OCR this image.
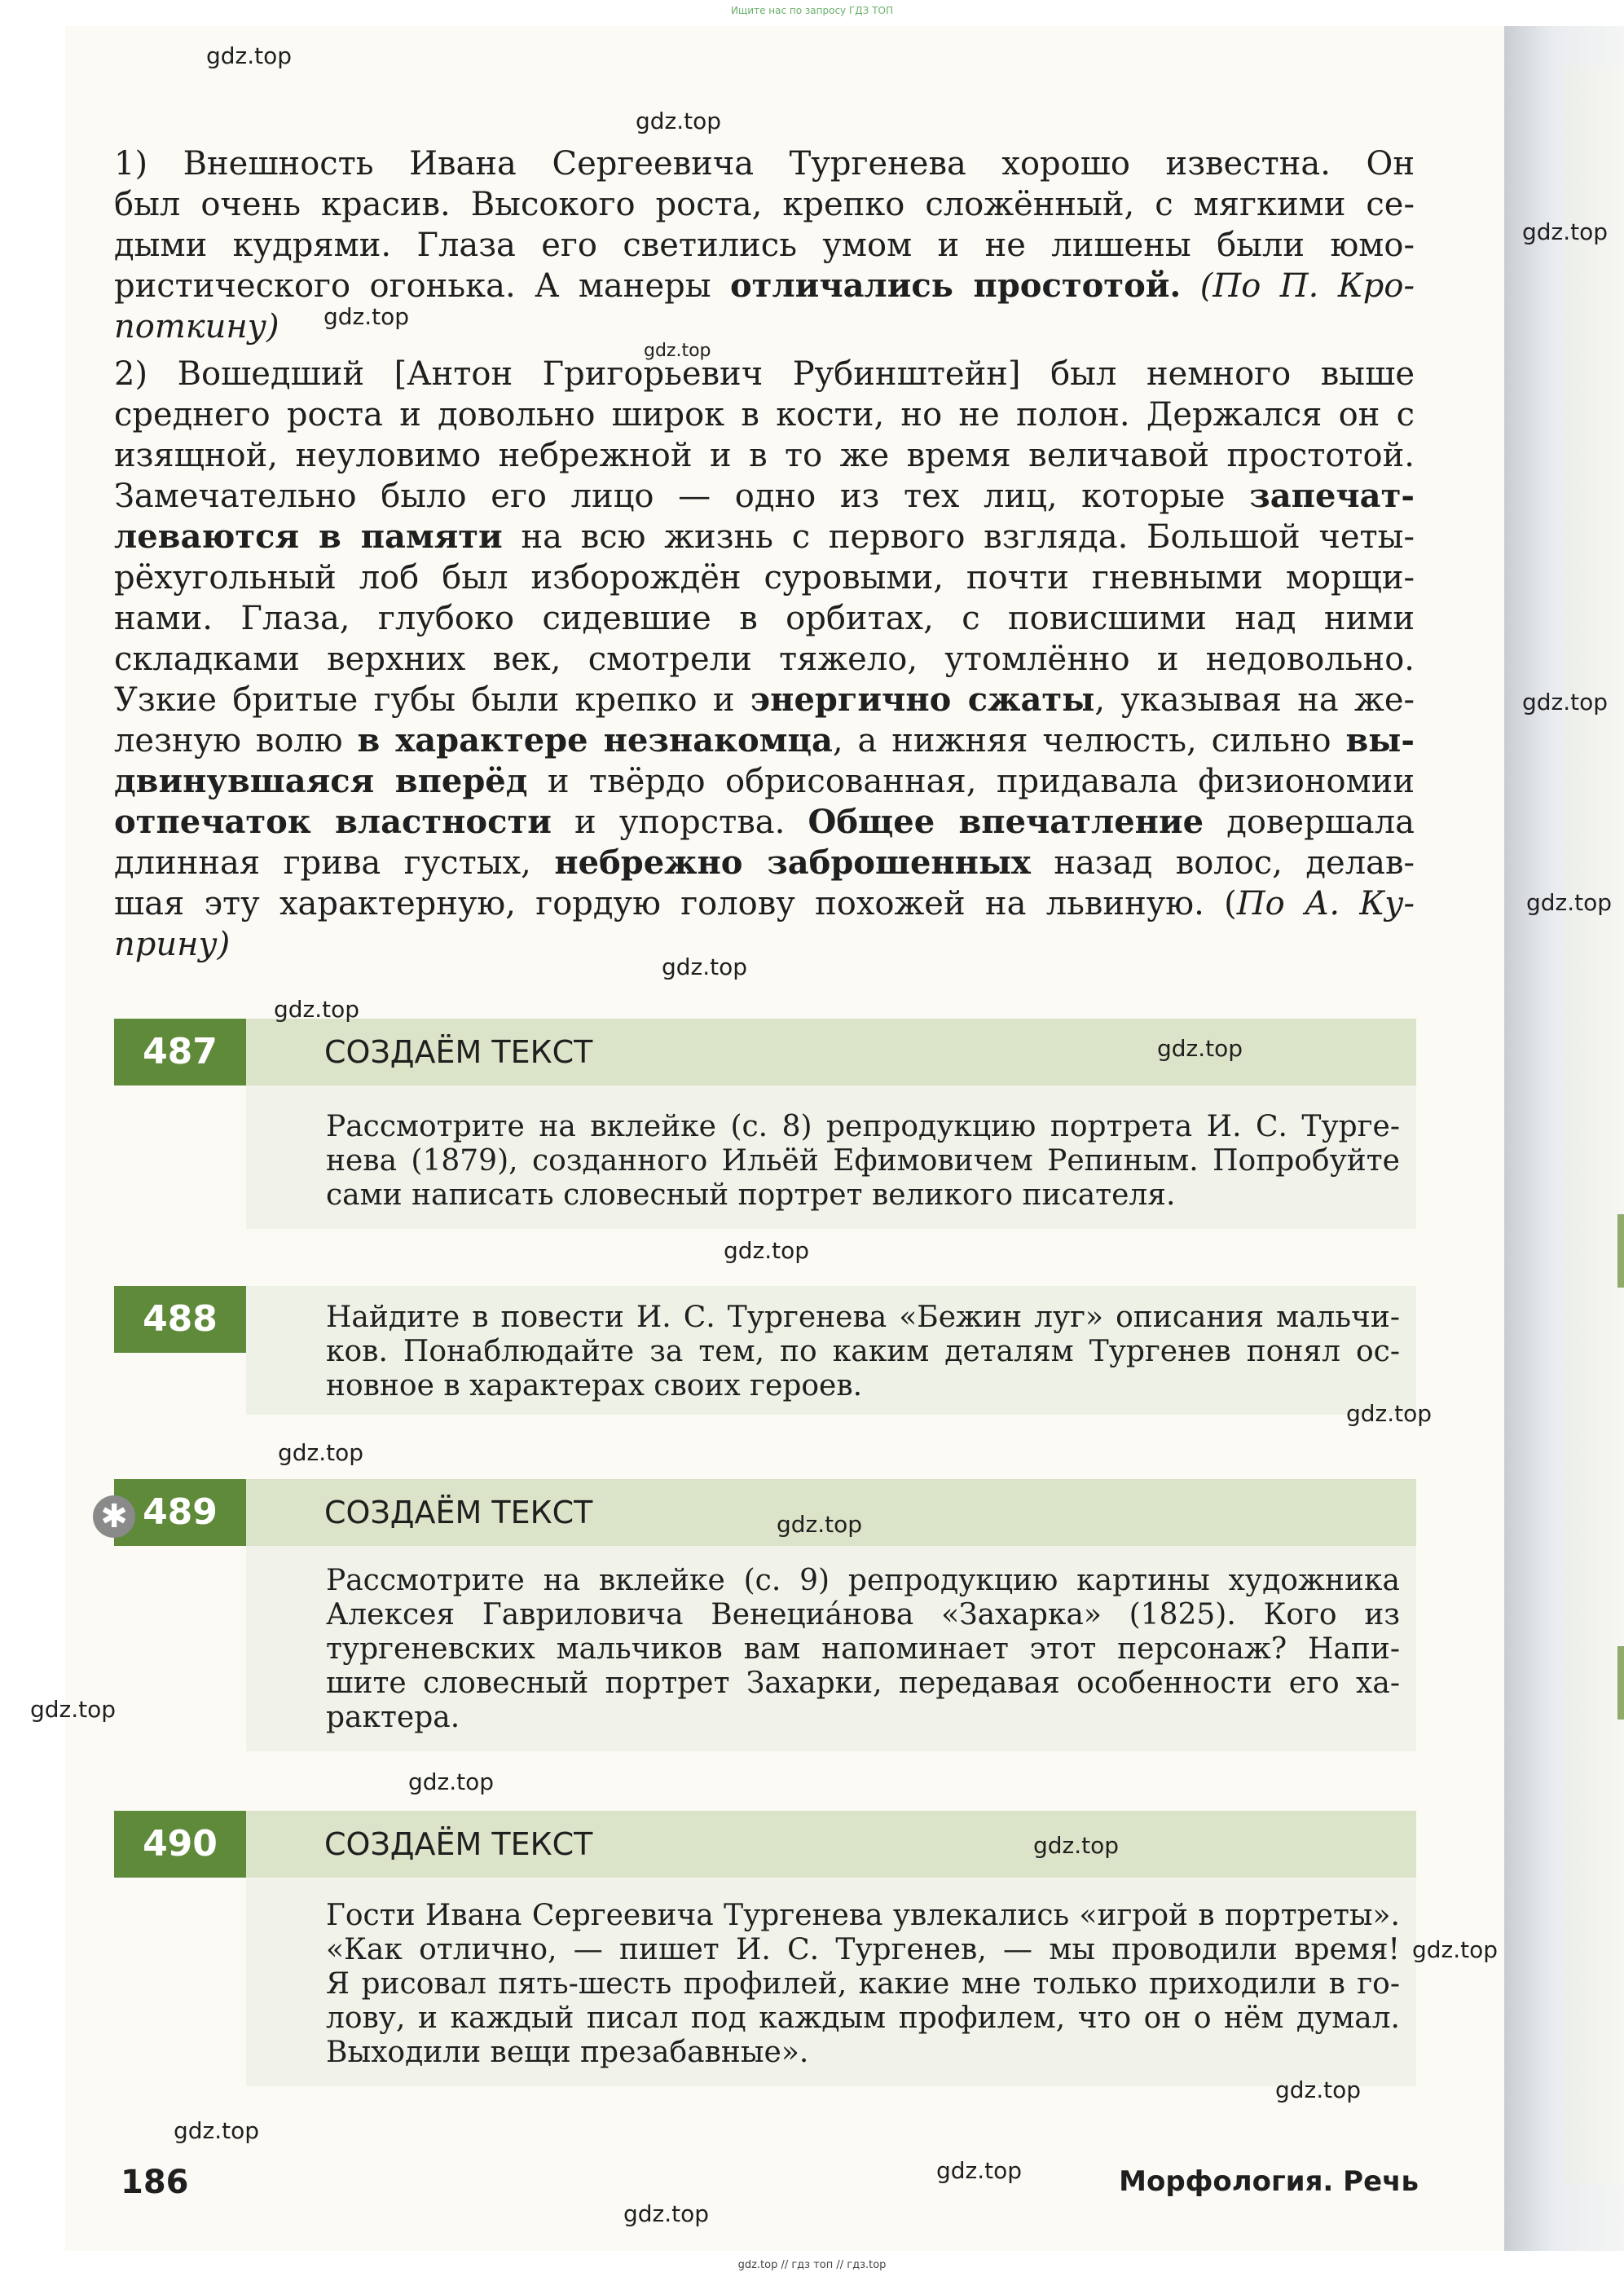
Ищите нас по запросу ГДЗ ТОП
1) Внешность Ивана Сергеевича Тургенева хорошо известна. Он
был очень красив. Высокого роста, крепко сложённый, с мягкими се-
дыми кудрями. Глаза его светились умом и не лишены были юмо-
ристического огонька. А манеры отличались простотой. (По П. Кро-
поткину)
2) Вошедший [Антон Григорьевич Рубинштейн] был немного выше
среднего роста и довольно широк в кости, но не полон. Держался он с
изящной, неуловимо небрежной и в то же время величавой простотой.
Замечательно было его лицо — одно из тех лиц, которые запечат-
леваются в памяти на всю жизнь с первого взгляда. Большой четы-
рёхугольный лоб был изборождён суровыми, почти гневными морщи-
нами. Глаза, глубоко сидевшие в орбитах, с повисшими над ними
складками верхних век, смотрели тяжело, утомлённо и недовольно.
Узкие бритые губы были крепко и энергично сжаты, указывая на же-
лезную волю в характере незнакомца, а нижняя челюсть, сильно вы-
двинувшаяся вперёд и твёрдо обрисованная, придавала физиономии
отпечаток властности и упорства. Общее впечатление довершала
длинная грива густых, небрежно заброшенных назад волос, делав-
шая эту характерную, гордую голову похожей на львиную. (По А. Ку-
прину)
487	СОЗДАЁМ ТЕКСТ
Рассмотрите на вклейке (с. 8) репродукцию портрета И. С. Турге-
нева (1879), созданного Ильёй Ефимовичем Репиным. Попробуйте
сами написать словесный портрет великого писателя.
488	Найдите в повести И. С. Тургенева «Бежин луг» описания мальчи-
ков. Понаблюдайте за тем, по каким деталям Тургенев понял ос-
новное в характерах своих героев.
489	СОЗДАЁМ ТЕКСТ
✱
Рассмотрите на вклейке (с. 9) репродукцию картины художника
Алексея Гавриловича Венециáнова «Захарка» (1825). Кого из
тургеневских мальчиков вам напоминает этот персонаж? Напи-
шите словесный портрет Захарки, передавая особенности его ха-
рактера.
490	СОЗДАЁМ ТЕКСТ
Гости Ивана Сергеевича Тургенева увлекались «игрой в портреты».
«Как отлично, — пишет И. С. Тургенев, — мы проводили время!
Я рисовал пять-шесть профилей, какие мне только приходили в го-
лову, и каждый писал под каждым профилем, что он о нём думал.
Выходили вещи презабавные».
186	Морфология. Речь
gdz.top
gdz.top
gdz.top
gdz.top
gdz.top
gdz.top
gdz.top
gdz.top
gdz.top
gdz.top
gdz.top
gdz.top
gdz.top
gdz.top
gdz.top
gdz.top
gdz.top
gdz.top
gdz.top
gdz.top
gdz.top
gdz.top
gdz.top // гдз топ // гдз.top
